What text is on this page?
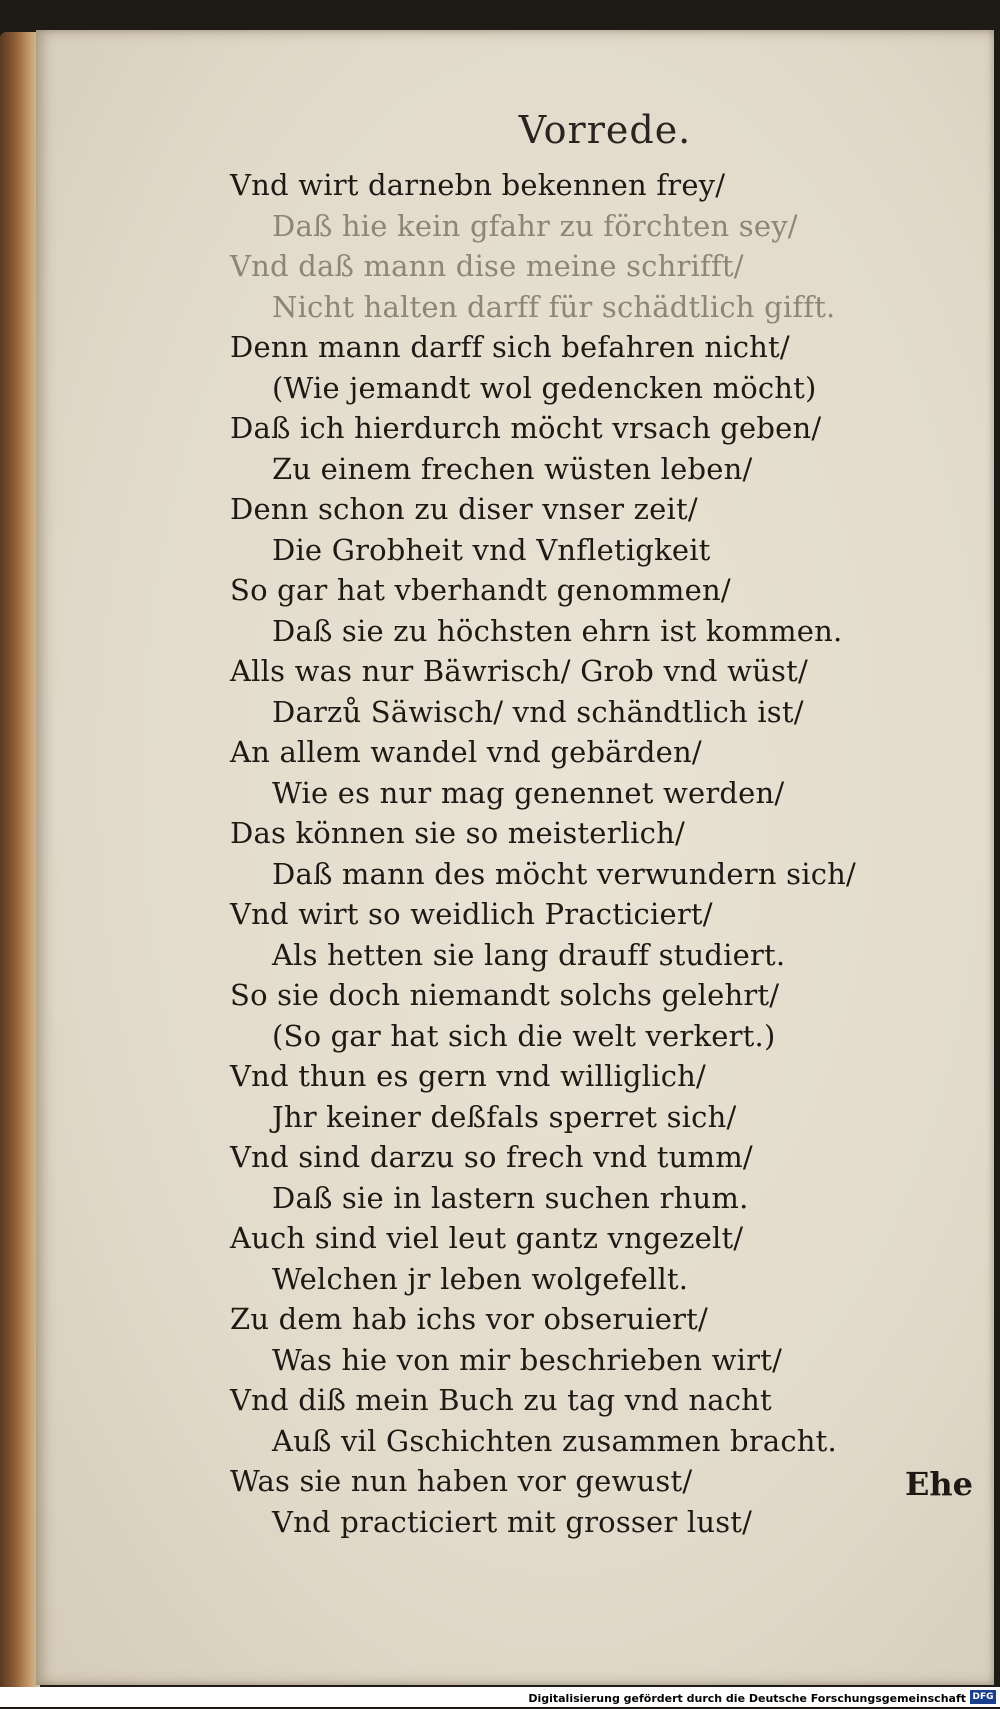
Vorrede.
Vnd wirt darnebn bekennen frey/
Daß hie kein gfahr zu förchten sey/
Vnd daß mann dise meine schrifft/
Nicht halten darff für schädtlich gifft.
Denn mann darff sich befahren nicht/
(Wie jemandt wol gedencken möcht)
Daß ich hierdurch möcht vrsach geben/
Zu einem frechen wüsten leben/
Denn schon zu diser vnser zeit/
Die Grobheit vnd Vnfletigkeit
So gar hat vberhandt genommen/
Daß sie zu höchsten ehrn ist kommen.
Alls was nur Bäwrisch/ Grob vnd wüst/
Darzů Säwisch/ vnd schändtlich ist/
An allem wandel vnd gebärden/
Wie es nur mag genennet werden/
Das können sie so meisterlich/
Daß mann des möcht verwundern sich/
Vnd wirt so weidlich Practiciert/
Als hetten sie lang drauff studiert.
So sie doch niemandt solchs gelehrt/
(So gar hat sich die welt verkert.)
Vnd thun es gern vnd williglich/
Jhr keiner deßfals sperret sich/
Vnd sind darzu so frech vnd tumm/
Daß sie in lastern suchen rhum.
Auch sind viel leut gantz vngezelt/
Welchen jr leben wolgefellt.
Zu dem hab ichs vor obseruiert/
Was hie von mir beschrieben wirt/
Vnd diß mein Buch zu tag vnd nacht
Auß vil Gschichten zusammen bracht.
Was sie nun haben vor gewust/
Vnd practiciert mit grosser lust/
Ehe
Digitalisierung gefördert durch die Deutsche Forschungsgemeinschaft DFG
